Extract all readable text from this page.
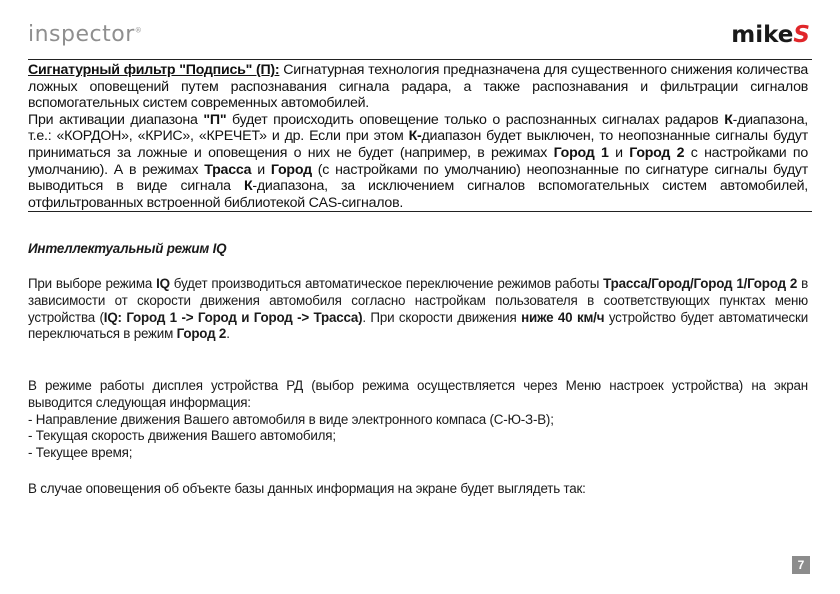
inspector®	mikeS

Сигнатурный фильтр "Подпись" (П): Сигнатурная технология предназначена для существенного снижения количества ложных оповещений путем распознавания сигнала радара, а также распознавания и фильтрации сигналов вспомогательных систем современных автомобилей.

При активации диапазона "П" будет происходить оповещение только о распознанных сигналах радаров К-диапазона, т.е.: «КОРДОН», «КРИС», «КРЕЧЕТ» и др. Если при этом К-диапазон будет выключен, то неопознанные сигналы будут приниматься за ложные и оповещения о них не будет (например, в режимах Город 1 и Город 2 с настройками по умолчанию). А в режимах Трасса и Город (с настройками по умолчанию) неопознанные по сигнатуре сигналы будут выводиться в виде сигнала К-диапазона, за исключением сигналов вспомогательных систем автомобилей, отфильтрованных встроенной библиотекой CAS-сигналов.

Интеллектуальный режим IQ

При выборе режима IQ будет производиться автоматическое переключение режимов работы Трасса/Город/Город 1/Город 2 в зависимости от скорости движения автомобиля согласно настройкам пользователя в соответствующих пунктах меню устройства (IQ: Город 1 -> Город и Город -> Трасса). При скорости движения ниже 40 км/ч устройство будет автоматически переключаться в режим Город 2.

В режиме работы дисплея устройства РД (выбор режима осуществляется через Меню настроек устройства) на экран выводится следующая информация:

- Направление движения Вашего автомобиля в виде электронного компаса (С-Ю-З-В);
- Текущая скорость движения Вашего автомобиля;
- Текущее время;

В случае оповещения об объекте базы данных информация на экране будет выглядеть так:

7
